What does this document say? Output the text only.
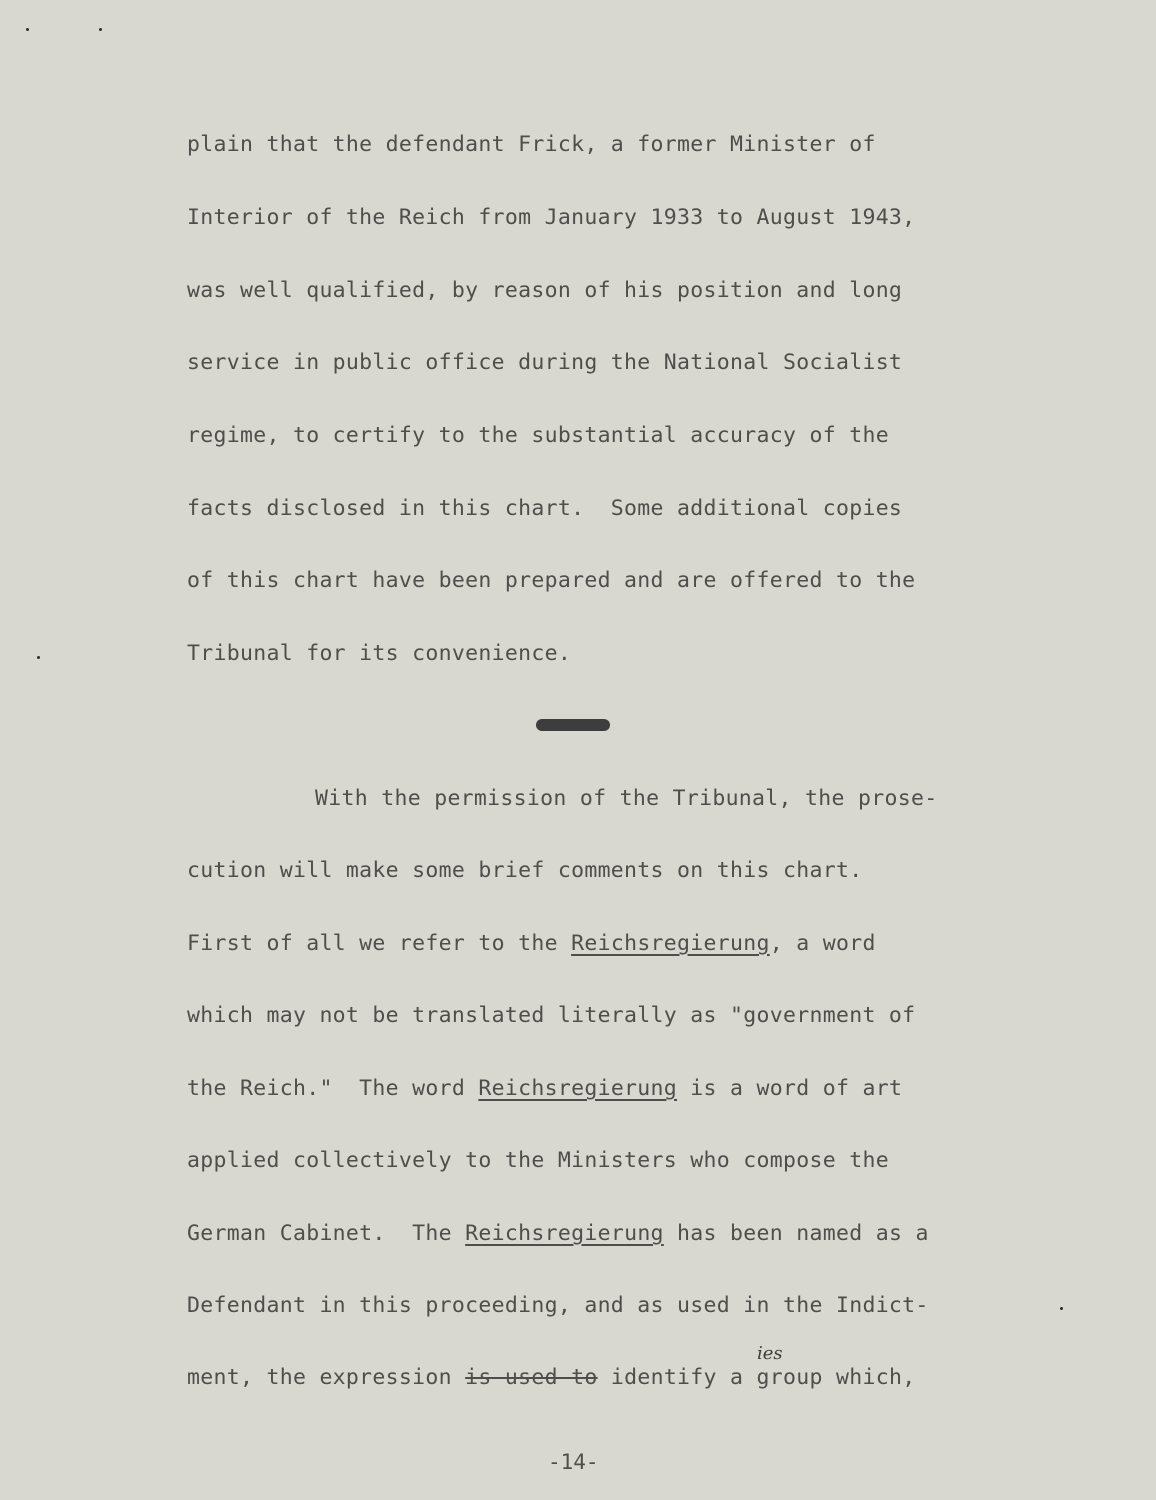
plain that the defendant Frick, a former Minister of
Interior of the Reich from January 1933 to August 1943,
was well qualified, by reason of his position and long
service in public office during the National Socialist
regime, to certify to the substantial accuracy of the
facts disclosed in this chart.  Some additional copies
of this chart have been prepared and are offered to the
Tribunal for its convenience.
With the permission of the Tribunal, the prose-
cution will make some brief comments on this chart.
First of all we refer to the Reichsregierung, a word
which may not be translated literally as "government of
the Reich."  The word Reichsregierung is a word of art
applied collectively to the Ministers who compose the
German Cabinet.  The Reichsregierung has been named as a
Defendant in this proceeding, and as used in the Indict-
ment, the expression is used to identify a group which,
ies
-14-
